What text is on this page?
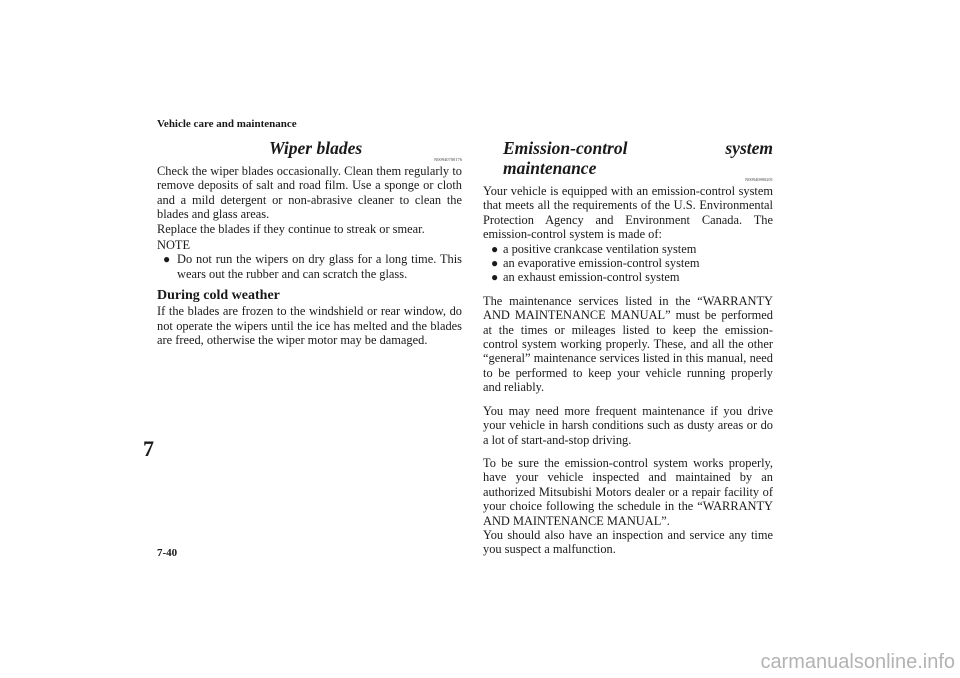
Vehicle care and maintenance
7
7-40
Wiper blades
N00940700176

Check the wiper blades occasionally. Clean them regularly to remove deposits of salt and road film. Use a sponge or cloth and a mild detergent or non-abrasive cleaner to clean the blades and glass areas.

Replace the blades if they continue to streak or smear.

NOTE
● Do not run the wipers on dry glass for a long time. This wears out the rubber and can scratch the glass.
During cold weather

If the blades are frozen to the windshield or rear window, do not operate the wipers until the ice has melted and the blades are freed, otherwise the wiper motor may be damaged.

Emission-control system maintenance
N00940800201

Your vehicle is equipped with an emission-control system that meets all the requirements of the U.S. Environmental Protection Agency and Environment Canada. The emission-control system is made of:

● a positive crankcase ventilation system
● an evaporative emission-control system
● an exhaust emission-control system

The maintenance services listed in the “WARRANTY AND MAINTENANCE MANUAL” must be performed at the times or mileages listed to keep the emission-control system working properly. These, and all the other “general” maintenance services listed in this manual, need to be performed to keep your vehicle running properly and reliably.

You may need more frequent maintenance if you drive your vehicle in harsh conditions such as dusty areas or do a lot of start-and-stop driving.

To be sure the emission-control system works properly, have your vehicle inspected and maintained by an authorized Mitsubishi Motors dealer or a repair facility of your choice following the schedule in the “WARRANTY AND MAINTENANCE MANUAL”.

You should also have an inspection and service any time you suspect a malfunction.

carmanualsonline.info
